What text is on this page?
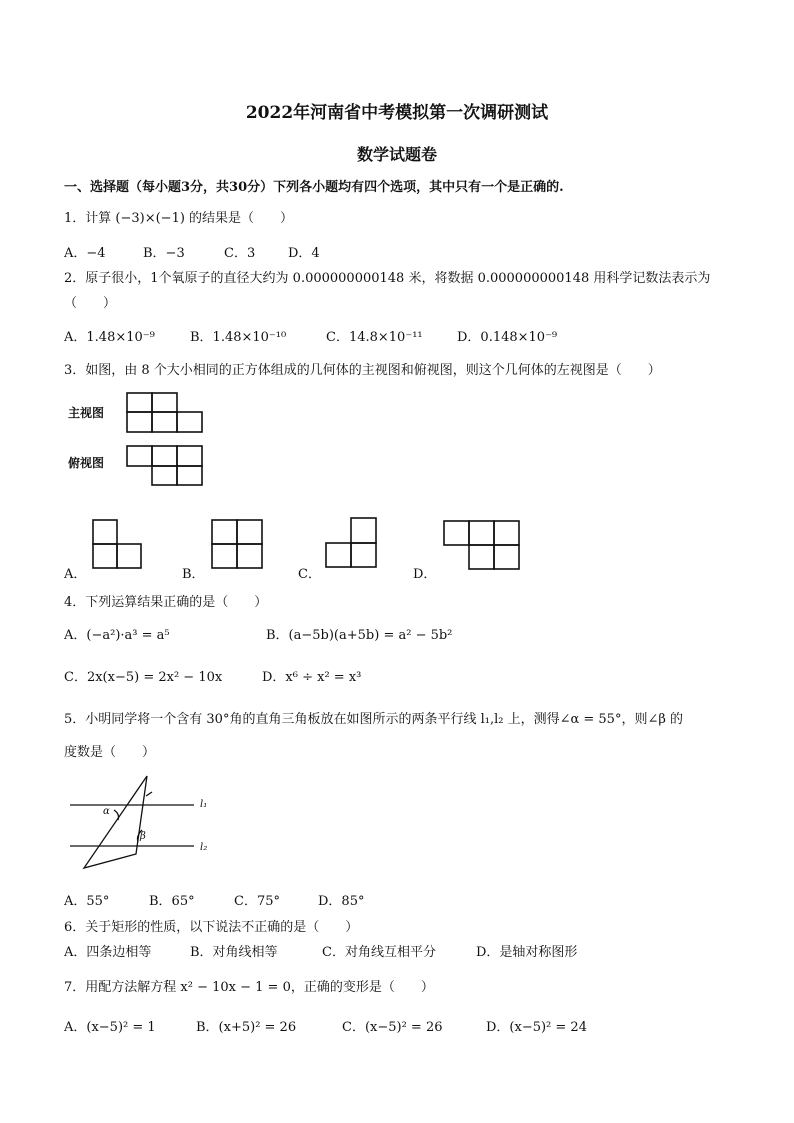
2022年河南省中考模拟第一次调研测试
数学试题卷
一、选择题（每小题3分，共30分）下列各小题均有四个选项，其中只有一个是正确的.
1．计算 (−3)×(−1) 的结果是（　　）
A．−4	B．−3	C．3	D．4
2．原子很小，1个氧原子的直径大约为 0.000000000148 米，将数据 0.000000000148 用科学记数法表示为
（　　）
A．1.48×10⁻⁹	B．1.48×10⁻¹⁰	C．14.8×10⁻¹¹	D．0.148×10⁻⁹
3．如图，由 8 个大小相同的正方体组成的几何体的主视图和俯视图，则这个几何体的左视图是（　　）
主视图
俯视图
A．	B．	C．	D．
4．下列运算结果正确的是（　　）
A．(−a²)·a³ = a⁵	B．(a−5b)(a+5b) = a² − 5b²
C．2x(x−5) = 2x² − 10x	D．x⁶ ÷ x² = x³
5．小明同学将一个含有 30°角的直角三角板放在如图所示的两条平行线 l₁,l₂ 上，测得∠α = 55°，则∠β 的
度数是（　　）
α
β
l₁
l₂
A．55°	B．65°	C．75°	D．85°
6．关于矩形的性质，以下说法不正确的是（　　）
A．四条边相等	B．对角线相等	C．对角线互相平分	D．是轴对称图形
7．用配方法解方程 x² − 10x − 1 = 0，正确的变形是（　　）
A．(x−5)² = 1	B．(x+5)² = 26	C．(x−5)² = 26	D．(x−5)² = 24
